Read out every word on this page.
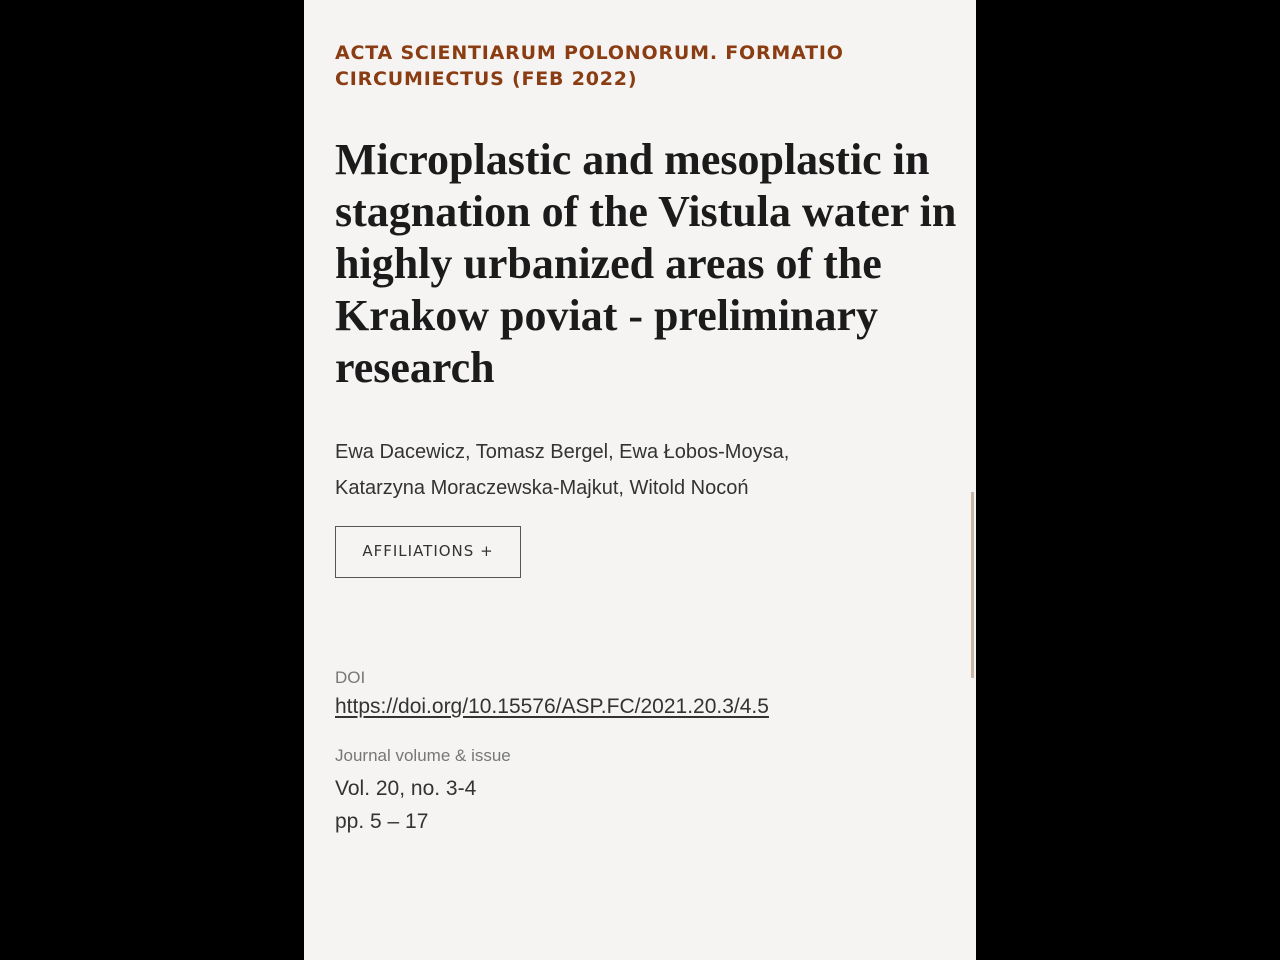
ACTA SCIENTIARUM POLONORUM. FORMATIO CIRCUMIECTUS (FEB 2022)

Microplastic and mesoplastic in stagnation of the Vistula water in highly urbanized areas of the Krakow poviat - preliminary research

Ewa Dacewicz, Tomasz Bergel, Ewa Łobos-Moysa, Katarzyna Moraczewska-Majkut, Witold Nocoń

AFFILIATIONS +
DOI
https://doi.org/10.15576/ASP.FC/2021.20.3/4.5
Journal volume & issue
Vol. 20, no. 3-4
pp. 5 – 17
